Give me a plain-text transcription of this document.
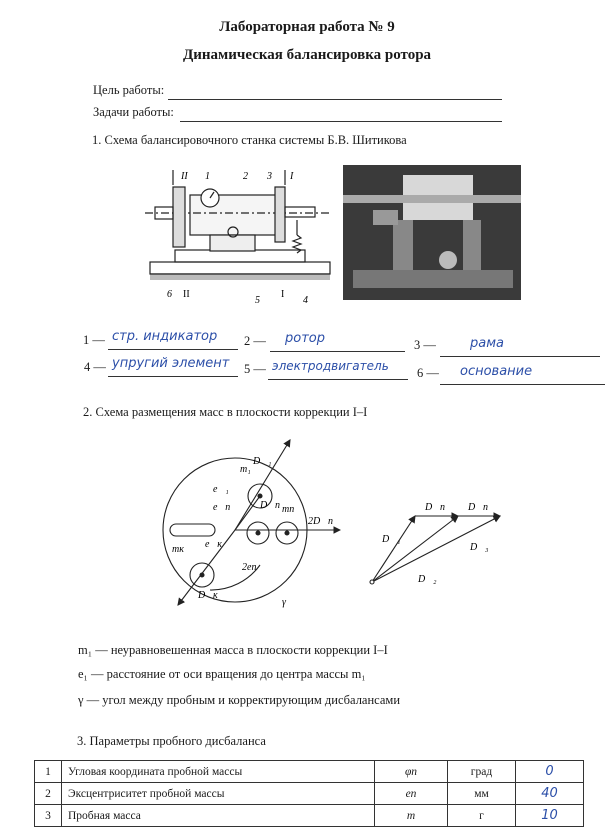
Лабораторная работа № 9
Динамическая балансировка ротора
Цель работы:
Задачи работы:
1. Схема балансировочного станка системы Б.В. Шитикова
II 1	2 3 I
6 II
5
I
4
1 — стр. индикатор 2 — ротор	3 —	рама
4 — упругий элемент 5 — электродвигатель 6 — основание
2. Схема размещения масс в плоскости коррекции I–I
m₁
D⃗₁
e⃗₁
e⃗п	D⃗п mп
2D⃗п
mк e⃗к
2eп
D⃗к
γ
D⃗п D⃗п
D⃗₁
D⃗₃
D⃗₂
m₁ — неуравновешенная масса в плоскости коррекции I–I
e₁ — расстояние от оси вращения до центра массы m₁
γ — угол между пробным и корректирующим дисбалансами
3. Параметры пробного дисбаланса
1	Угловая координата пробной массы	φп	град	0
2	Эксцентриситет пробной массы	eп	мм	40
3	Пробная масса	m	г	10
